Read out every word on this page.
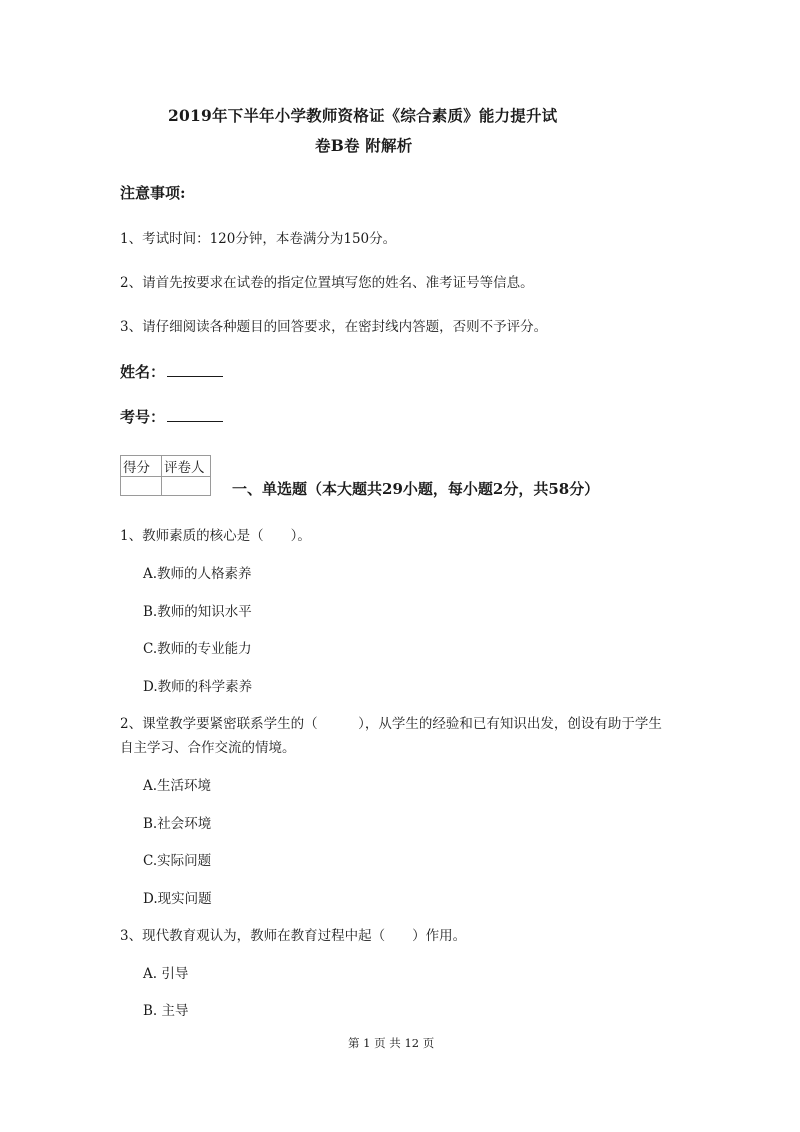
2019年下半年小学教师资格证《综合素质》能力提升试
卷B卷 附解析
注意事项:
1、考试时间：120分钟，本卷满分为150分。
2、请首先按要求在试卷的指定位置填写您的姓名、准考证号等信息。
3、请仔细阅读各种题目的回答要求，在密封线内答题，否则不予评分。
姓名：
考号：
得分	评卷人

一、单选题（本大题共29小题，每小题2分，共58分）
1、教师素质的核心是（　　）。
A.教师的人格素养
B.教师的知识水平
C.教师的专业能力
D.教师的科学素养
2、课堂教学要紧密联系学生的（　　　），从学生的经验和已有知识出发，创设有助于学生
自主学习、合作交流的情境。
A.生活环境
B.社会环境
C.实际问题
D.现实问题
3、现代教育观认为，教师在教育过程中起（　　）作用。
A. 引导
B. 主导
第 1 页 共 12 页
